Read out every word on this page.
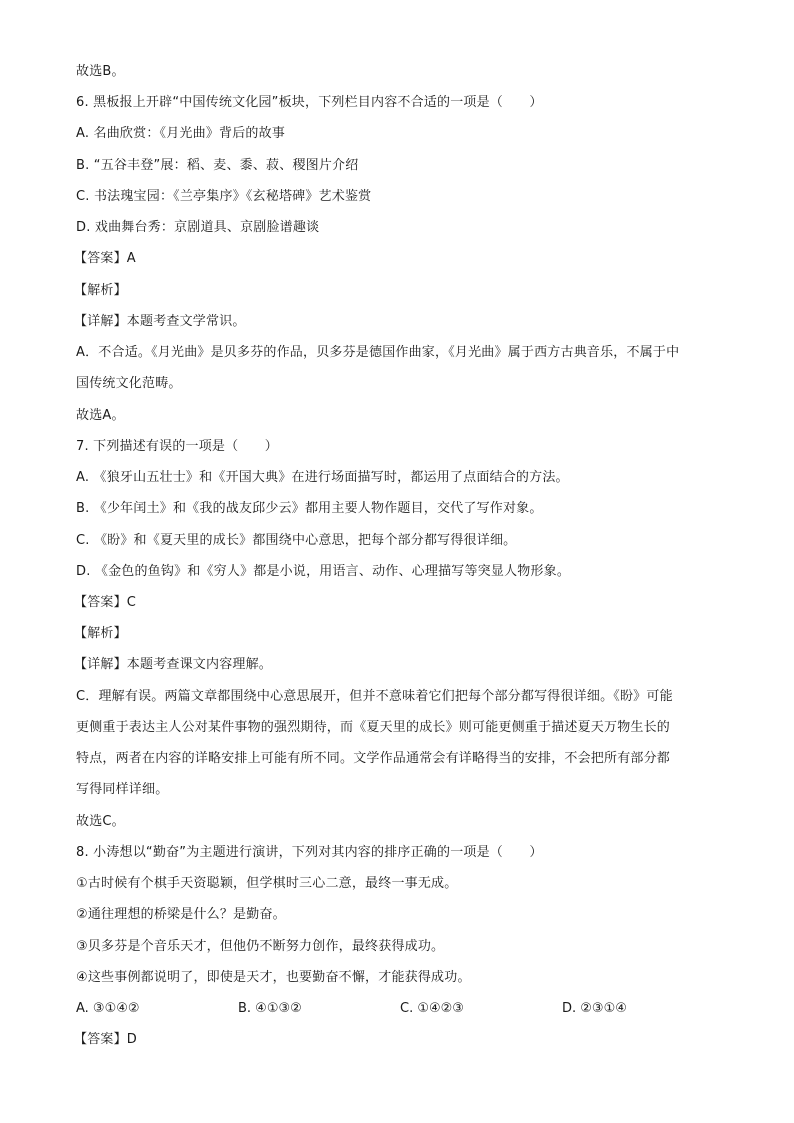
故选B。
6. 黑板报上开辟“中国传统文化园”板块，下列栏目内容不合适的一项是（　　）
A. 名曲欣赏：《月光曲》背后的故事
B. “五谷丰登”展：稻、麦、黍、菽、稷图片介绍
C. 书法瑰宝园：《兰亭集序》《玄秘塔碑》艺术鉴赏
D. 戏曲舞台秀：京剧道具、京剧脸谱趣谈
【答案】A
【解析】
【详解】本题考查文学常识。
A．不合适。《月光曲》是贝多芬的作品，贝多芬是德国作曲家，《月光曲》属于西方古典音乐，不属于中
国传统文化范畴。
故选A。
7. 下列描述有误的一项是（　　）
A. 《狼牙山五壮士》和《开国大典》在进行场面描写时，都运用了点面结合的方法。
B. 《少年闰土》和《我的战友邱少云》都用主要人物作题目，交代了写作对象。
C. 《盼》和《夏天里的成长》都围绕中心意思，把每个部分都写得很详细。
D. 《金色的鱼钩》和《穷人》都是小说，用语言、动作、心理描写等突显人物形象。
【答案】C
【解析】
【详解】本题考查课文内容理解。
C．理解有误。两篇文章都围绕中心意思展开，但并不意味着它们把每个部分都写得很详细。《盼》可能
更侧重于表达主人公对某件事物的强烈期待，而《夏天里的成长》则可能更侧重于描述夏天万物生长的
特点，两者在内容的详略安排上可能有所不同。文学作品通常会有详略得当的安排，不会把所有部分都
写得同样详细。
故选C。
8. 小涛想以“勤奋”为主题进行演讲，下列对其内容的排序正确的一项是（　　）
①古时候有个棋手天资聪颖，但学棋时三心二意，最终一事无成。
②通往理想的桥梁是什么？是勤奋。
③贝多芬是个音乐天才，但他仍不断努力创作，最终获得成功。
④这些事例都说明了，即使是天才，也要勤奋不懈，才能获得成功。
A. ③①④②	B. ④①③②	C. ①④②③	D. ②③①④
【答案】D
